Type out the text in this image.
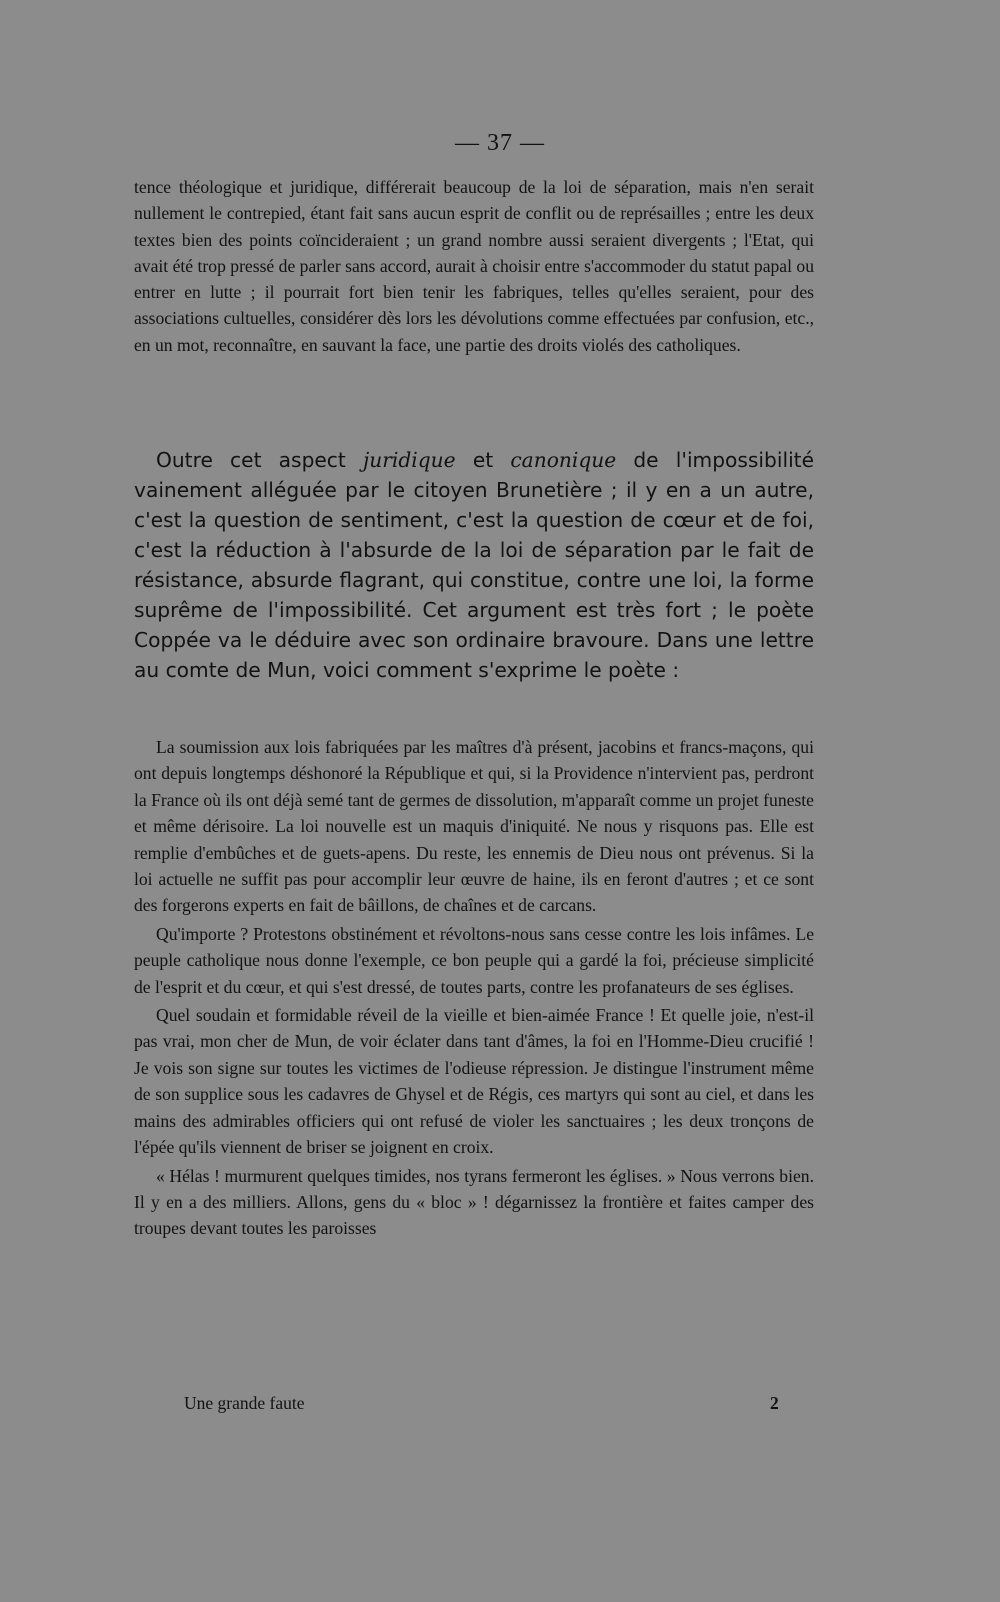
— 37 —

tence théologique et juridique, différerait beaucoup de la loi de séparation, mais n'en serait nullement le contrepied, étant fait sans aucun esprit de conflit ou de représailles ; entre les deux textes bien des points coïncideraient ; un grand nombre aussi seraient divergents ; l'Etat, qui avait été trop pressé de parler sans accord, aurait à choisir entre s'accommoder du statut papal ou entrer en lutte ; il pourrait fort bien tenir les fabriques, telles qu'elles seraient, pour des associations cultuelles, considérer dès lors les dévolutions comme effectuées par confusion, etc., en un mot, reconnaître, en sauvant la face, une partie des droits violés des catholiques.

Outre cet aspect juridique et canonique de l'impossibilité vainement alléguée par le citoyen Brunetière ; il y en a un autre, c'est la question de sentiment, c'est la question de cœur et de foi, c'est la réduction à l'absurde de la loi de séparation par le fait de résistance, absurde flagrant, qui constitue, contre une loi, la forme suprême de l'impossibilité. Cet argument est très fort ; le poète Coppée va le déduire avec son ordinaire bravoure. Dans une lettre au comte de Mun, voici comment s'exprime le poète :

La soumission aux lois fabriquées par les maîtres d'à présent, jacobins et francs-maçons, qui ont depuis longtemps déshonoré la République et qui, si la Providence n'intervient pas, perdront la France où ils ont déjà semé tant de germes de dissolution, m'apparaît comme un projet funeste et même dérisoire. La loi nouvelle est un maquis d'iniquité. Ne nous y risquons pas. Elle est remplie d'embûches et de guets-apens. Du reste, les ennemis de Dieu nous ont prévenus. Si la loi actuelle ne suffit pas pour accomplir leur œuvre de haine, ils en feront d'autres ; et ce sont des forgerons experts en fait de bâillons, de chaînes et de carcans.

Qu'importe ? Protestons obstinément et révoltons-nous sans cesse contre les lois infâmes. Le peuple catholique nous donne l'exemple, ce bon peuple qui a gardé la foi, précieuse simplicité de l'esprit et du cœur, et qui s'est dressé, de toutes parts, contre les profanateurs de ses églises.

Quel soudain et formidable réveil de la vieille et bien-aimée France ! Et quelle joie, n'est-il pas vrai, mon cher de Mun, de voir éclater dans tant d'âmes, la foi en l'Homme-Dieu crucifié ! Je vois son signe sur toutes les victimes de l'odieuse répression. Je distingue l'instrument même de son supplice sous les cadavres de Ghysel et de Régis, ces martyrs qui sont au ciel, et dans les mains des admirables officiers qui ont refusé de violer les sanctuaires ; les deux tronçons de l'épée qu'ils viennent de briser se joignent en croix.

« Hélas ! murmurent quelques timides, nos tyrans fermeront les églises. » Nous verrons bien. Il y en a des milliers. Allons, gens du « bloc » ! dégarnissez la frontière et faites camper des troupes devant toutes les paroisses

Une grande faute	2
